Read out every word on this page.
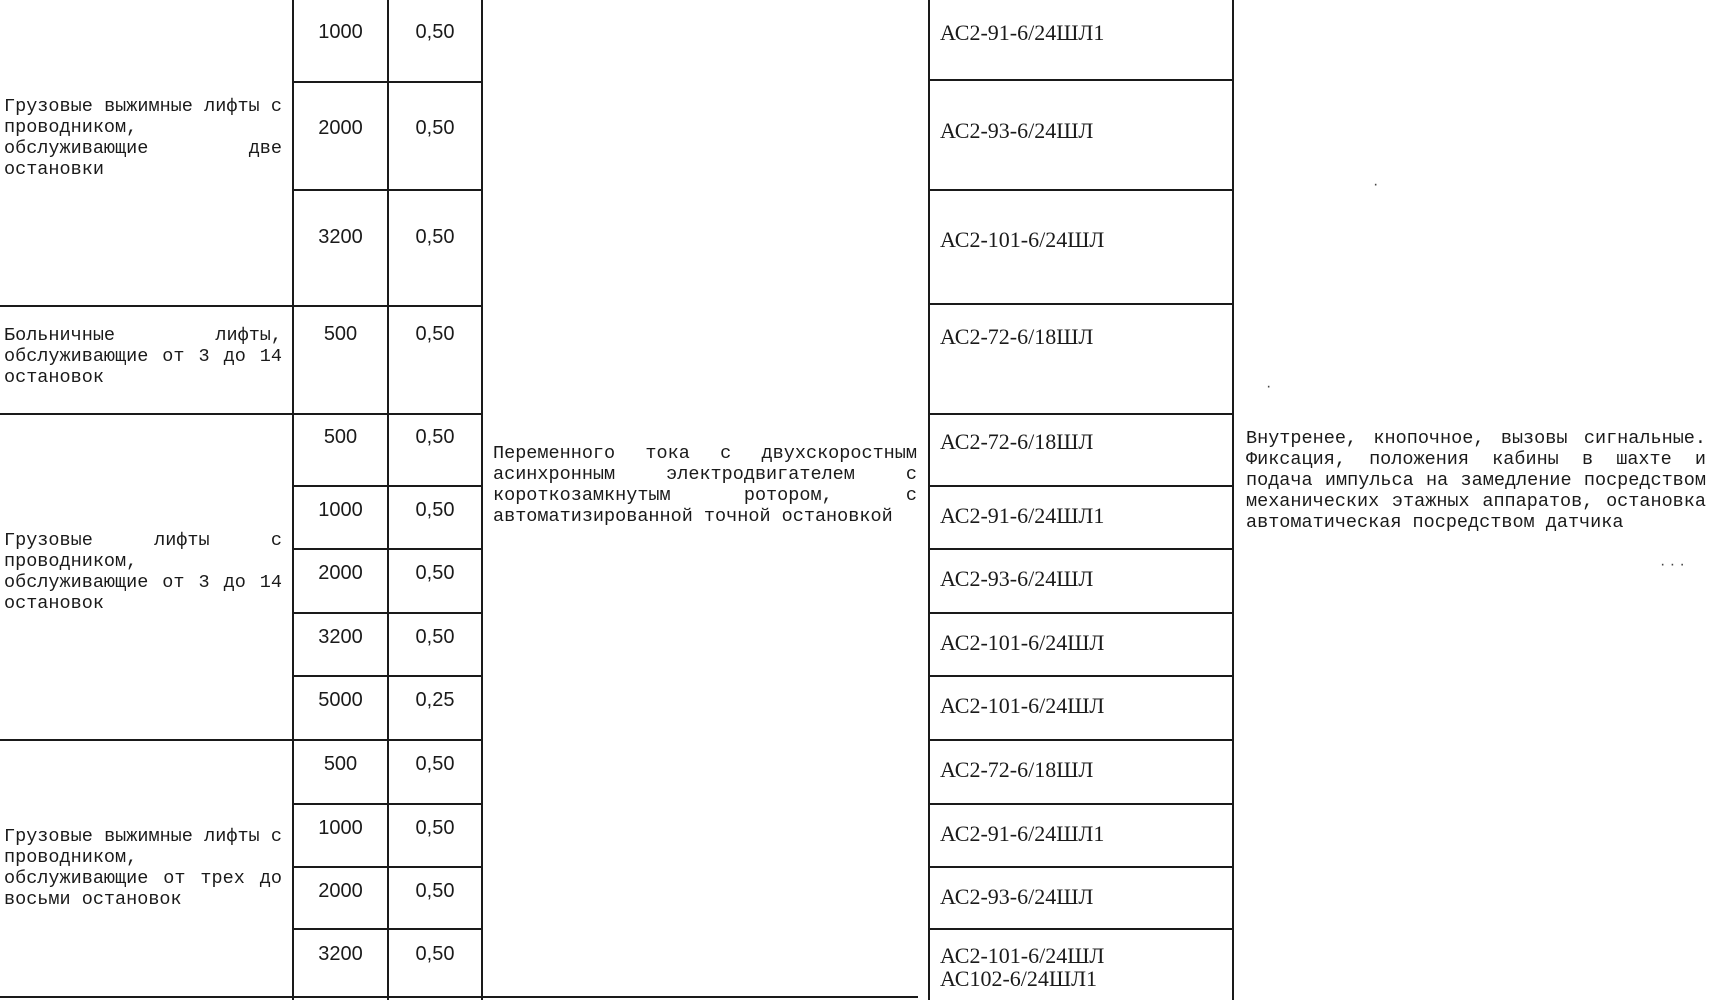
Грузовые выжимные лифты с проводником, обслуживающие две остановки
Больничные лифты, обслуживающие от 3 до 14 остановок
Грузовые лифты с проводником, обслуживающие от 3 до 14 остановок
Грузовые выжимные лифты с проводником, обслуживающие от трех до восьми остановок
1000
2000
3200
500
500
1000
2000
3200
5000
500
1000
2000
3200
0,50
0,50
0,50
0,50
0,50
0,50
0,50
0,50
0,25
0,50
0,50
0,50
0,50
Переменного тока с двухскоростным асинхронным электродвигателем с короткозамкнутым ротором, с автоматизированной точной остановкой
АС2-91-6/24ШЛ1
АС2-93-6/24ШЛ
АС2-101-6/24ШЛ
АС2-72-6/18ШЛ
АС2-72-6/18ШЛ
АС2-91-6/24ШЛ1
АС2-93-6/24ШЛ
АС2-101-6/24ШЛ
АС2-101-6/24ШЛ
АС2-72-6/18ШЛ
АС2-91-6/24ШЛ1
АС2-93-6/24ШЛ
АС2-101-6/24ШЛ
АС102-6/24ШЛ1
Внутренее, кнопочное, вызовы сигнальные. Фиксация, положения кабины в шахте и подача импульса на замедление посредством механических этажных аппаратов, остановка автоматическая посредством датчика
·
·
· · ·
